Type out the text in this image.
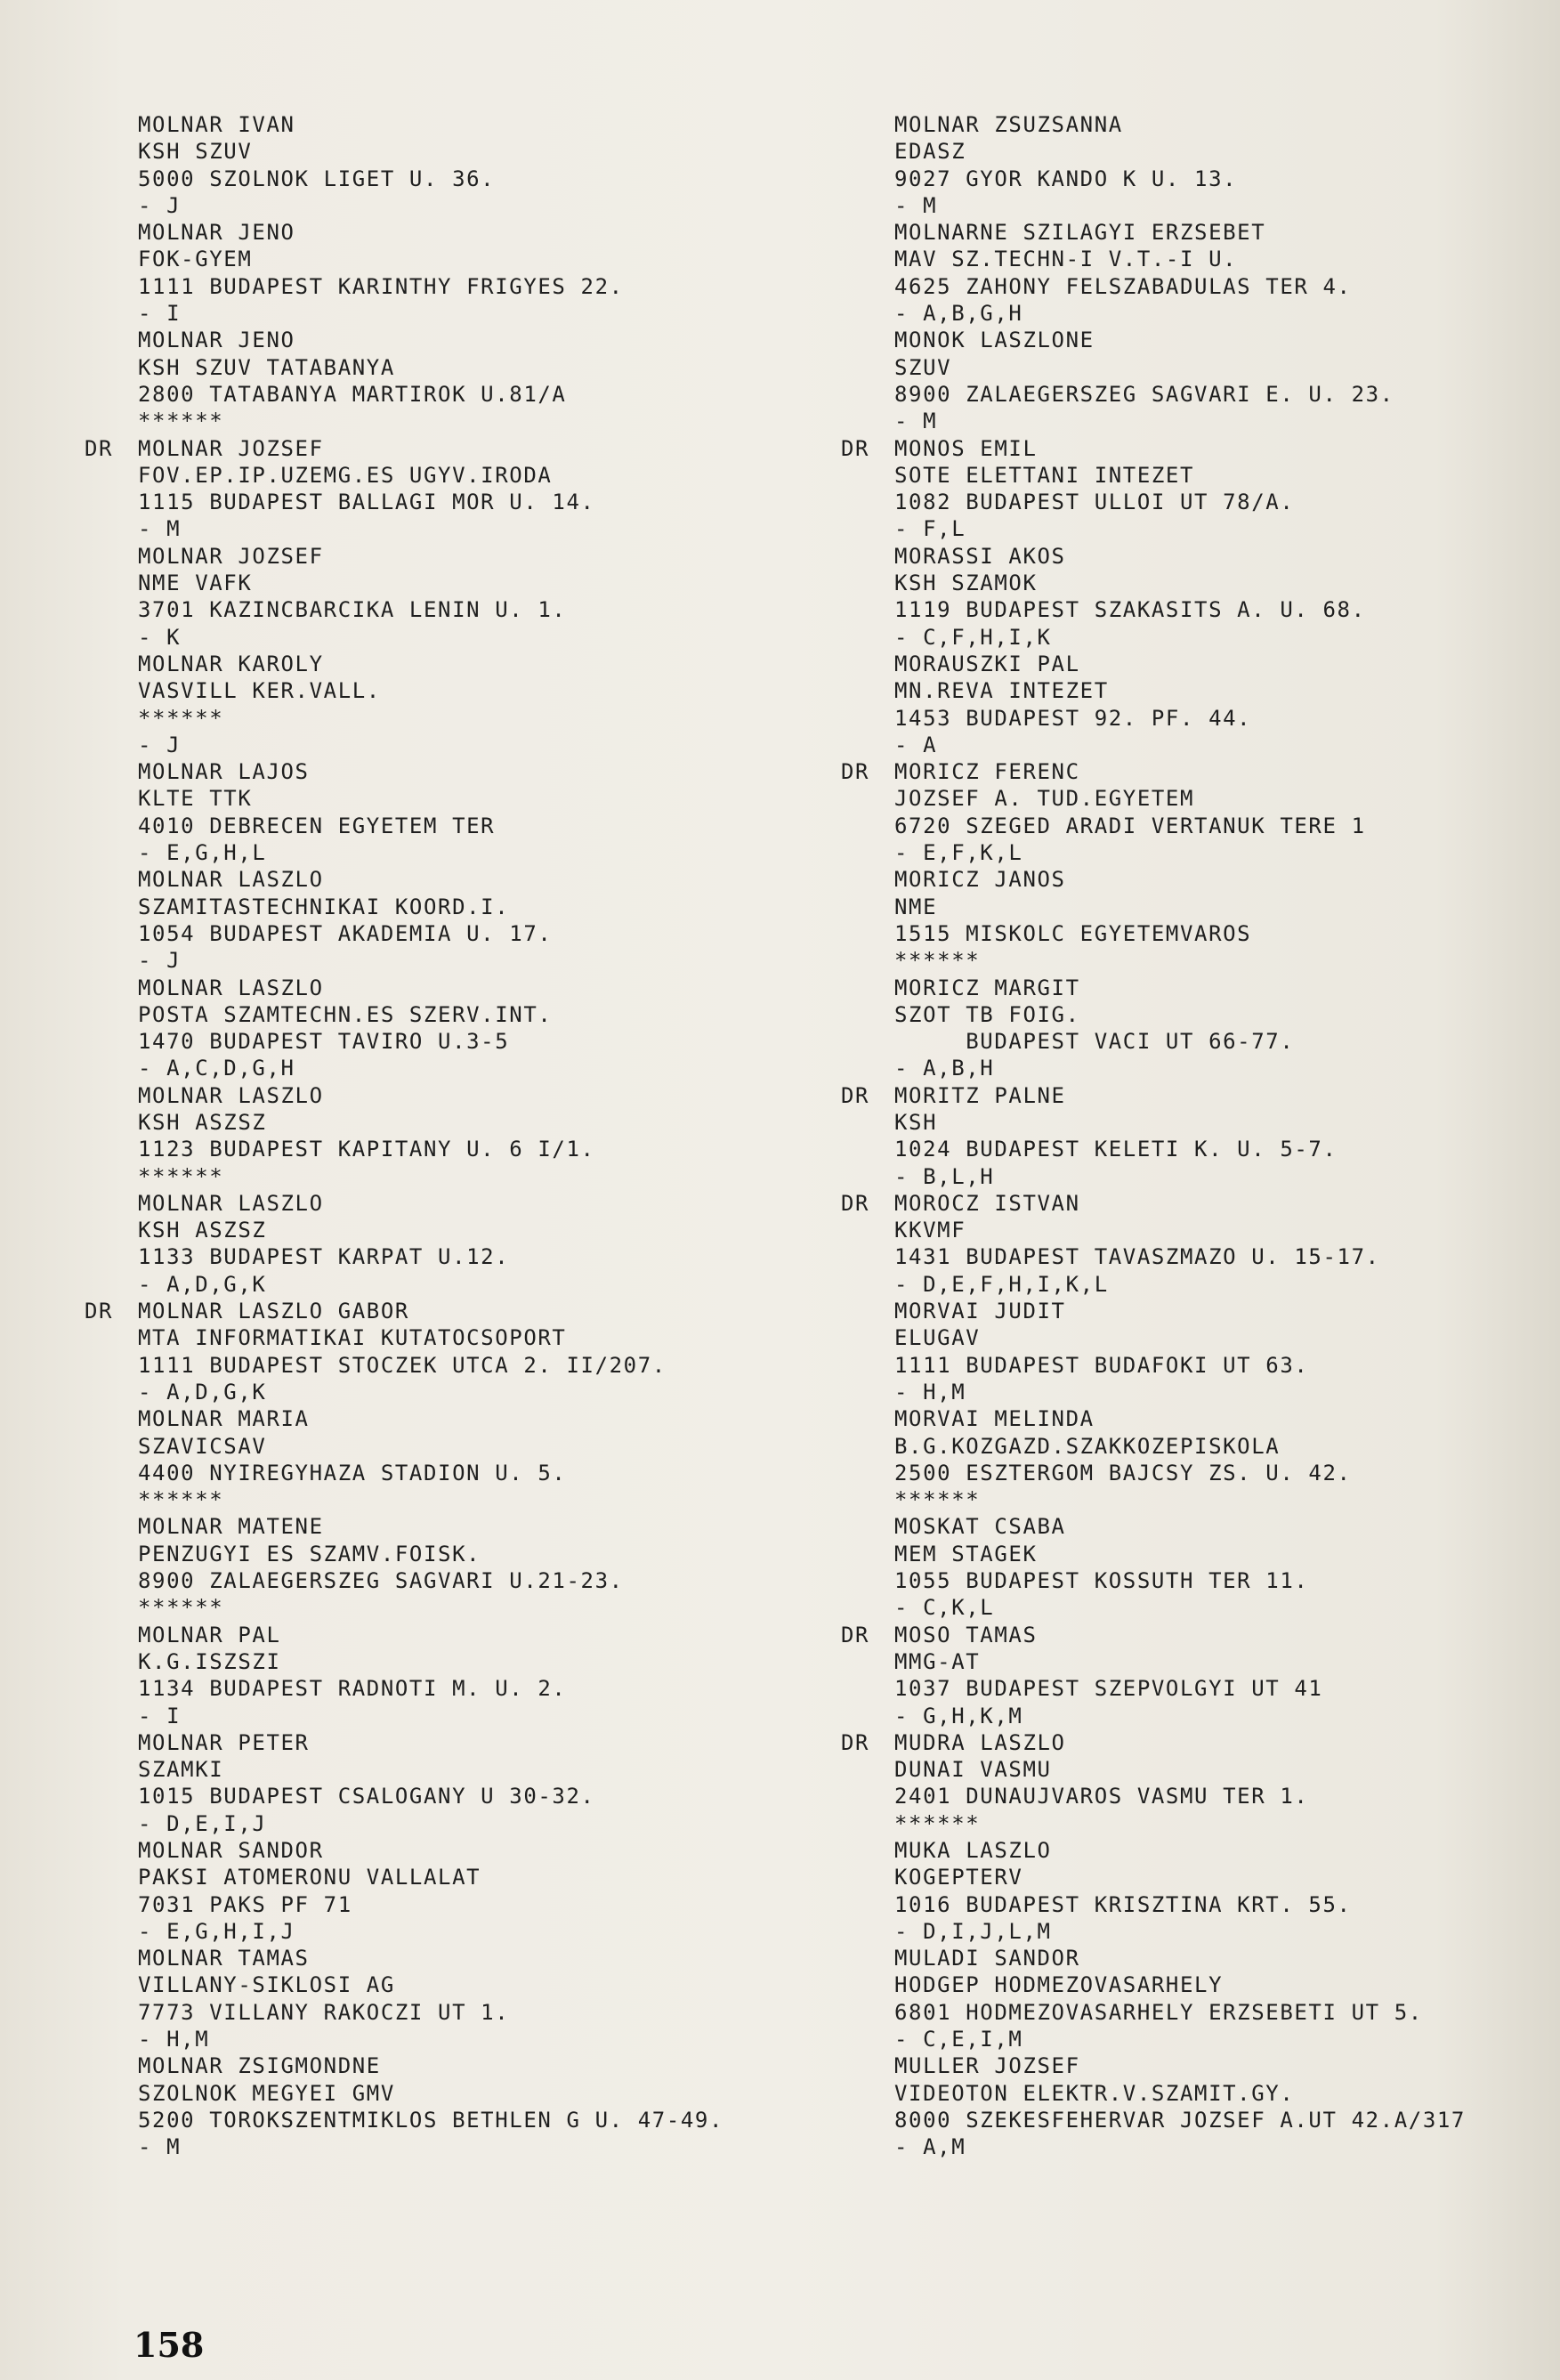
MOLNAR IVAN
KSH SZUV
5000 SZOLNOK LIGET U. 36.
- J
MOLNAR JENO
FOK-GYEM
1111 BUDAPEST KARINTHY FRIGYES 22.
- I
MOLNAR JENO
KSH SZUV TATABANYA
2800 TATABANYA MARTIROK U.81/A
******
DR MOLNAR JOZSEF
FOV.EP.IP.UZEMG.ES UGYV.IRODA
1115 BUDAPEST BALLAGI MOR U. 14.
- M
MOLNAR JOZSEF
NME VAFK
3701 KAZINCBARCIKA LENIN U. 1.
- K
MOLNAR KAROLY
VASVILL KER.VALL.
******
- J
MOLNAR LAJOS
KLTE TTK
4010 DEBRECEN EGYETEM TER
- E,G,H,L
MOLNAR LASZLO
SZAMITASTECHNIKAI KOORD.I.
1054 BUDAPEST AKADEMIA U. 17.
- J
MOLNAR LASZLO
POSTA SZAMTECHN.ES SZERV.INT.
1470 BUDAPEST TAVIRO U.3-5
- A,C,D,G,H
MOLNAR LASZLO
KSH ASZSZ
1123 BUDAPEST KAPITANY U. 6 I/1.
******
MOLNAR LASZLO
KSH ASZSZ
1133 BUDAPEST KARPAT U.12.
- A,D,G,K
DR MOLNAR LASZLO GABOR
MTA INFORMATIKAI KUTATOCSOPORT
1111 BUDAPEST STOCZEK UTCA 2. II/207.
- A,D,G,K
MOLNAR MARIA
SZAVICSAV
4400 NYIREGYHAZA STADION U. 5.
******
MOLNAR MATENE
PENZUGYI ES SZAMV.FOISK.
8900 ZALAEGERSZEG SAGVARI U.21-23.
******
MOLNAR PAL
K.G.ISZSZI
1134 BUDAPEST RADNOTI M. U. 2.
- I
MOLNAR PETER
SZAMKI
1015 BUDAPEST CSALOGANY U 30-32.
- D,E,I,J
MOLNAR SANDOR
PAKSI ATOMERONU VALLALAT
7031 PAKS PF 71
- E,G,H,I,J
MOLNAR TAMAS
VILLANY-SIKLOSI AG
7773 VILLANY RAKOCZI UT 1.
- H,M
MOLNAR ZSIGMONDNE
SZOLNOK MEGYEI GMV
5200 TOROKSZENTMIKLOS BETHLEN G U. 47-49.
- M
MOLNAR ZSUZSANNA
EDASZ
9027 GYOR KANDO K U. 13.
- M
MOLNARNE SZILAGYI ERZSEBET
MAV SZ.TECHN-I V.T.-I U.
4625 ZAHONY FELSZABADULAS TER 4.
- A,B,G,H
MONOK LASZLONE
SZUV
8900 ZALAEGERSZEG SAGVARI E. U. 23.
- M
DR MONOS EMIL
SOTE ELETTANI INTEZET
1082 BUDAPEST ULLOI UT 78/A.
- F,L
MORASSI AKOS
KSH SZAMOK
1119 BUDAPEST SZAKASITS A. U. 68.
- C,F,H,I,K
MORAUSZKI PAL
MN.REVA INTEZET
1453 BUDAPEST 92. PF. 44.
- A
DR MORICZ FERENC
JOZSEF A. TUD.EGYETEM
6720 SZEGED ARADI VERTANUK TERE 1
- E,F,K,L
MORICZ JANOS
NME
1515 MISKOLC EGYETEMVAROS
******
MORICZ MARGIT
SZOT TB FOIG.
BUDAPEST VACI UT 66-77.
- A,B,H
DR MORITZ PALNE
KSH
1024 BUDAPEST KELETI K. U. 5-7.
- B,L,H
DR MOROCZ ISTVAN
KKVMF
1431 BUDAPEST TAVASZMAZO U. 15-17.
- D,E,F,H,I,K,L
MORVAI JUDIT
ELUGAV
1111 BUDAPEST BUDAFOKI UT 63.
- H,M
MORVAI MELINDA
B.G.KOZGAZD.SZAKKOZEPISKOLA
2500 ESZTERGOM BAJCSY ZS. U. 42.
******
MOSKAT CSABA
MEM STAGEK
1055 BUDAPEST KOSSUTH TER 11.
- C,K,L
DR MOSO TAMAS
MMG-AT
1037 BUDAPEST SZEPVOLGYI UT 41
- G,H,K,M
DR MUDRA LASZLO
DUNAI VASMU
2401 DUNAUJVAROS VASMU TER 1.
******
MUKA LASZLO
KOGEPTERV
1016 BUDAPEST KRISZTINA KRT. 55.
- D,I,J,L,M
MULADI SANDOR
HODGEP HODMEZOVASARHELY
6801 HODMEZOVASARHELY ERZSEBETI UT 5.
- C,E,I,M
MULLER JOZSEF
VIDEOTON ELEKTR.V.SZAMIT.GY.
8000 SZEKESFEHERVAR JOZSEF A.UT 42.A/317
- A,M
158
